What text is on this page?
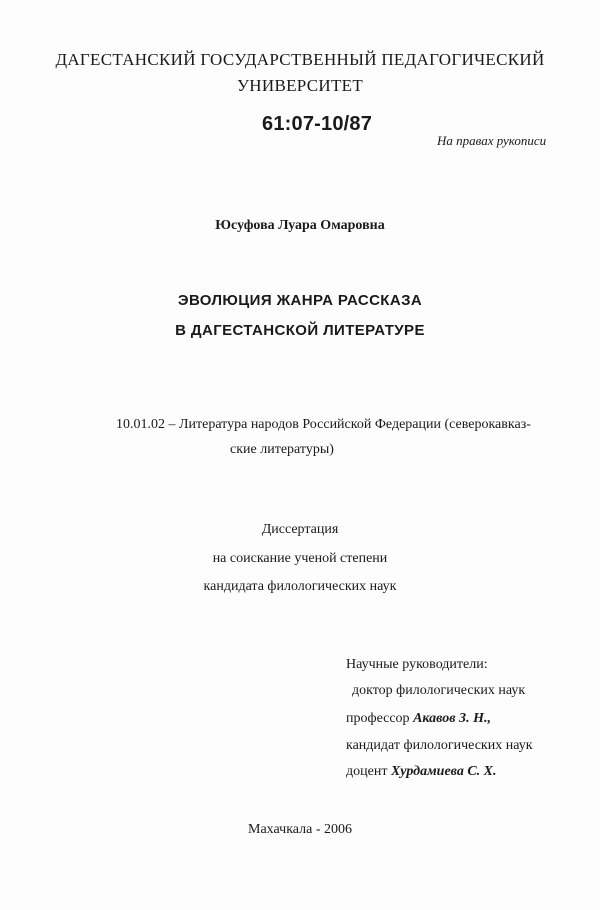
ДАГЕСТАНСКИЙ ГОСУДАРСТВЕННЫЙ ПЕДАГОГИЧЕСКИЙ
УНИВЕРСИТЕТ
61:07-10/87
На правах рукописи
Юсуфова Луара Омаровна
ЭВОЛЮЦИЯ ЖАНРА РАССКАЗА
В ДАГЕСТАНСКОЙ ЛИТЕРАТУРЕ
10.01.02 – Литература народов Российской Федерации (северокавказ-
ские литературы)
Диссертация
на соискание ученой степени
кандидата филологических наук
Научные руководители:
доктор филологических наук
профессор Акавов З. Н.,
кандидат филологических наук
доцент Хурдамиева С. Х.
Махачкала - 2006
